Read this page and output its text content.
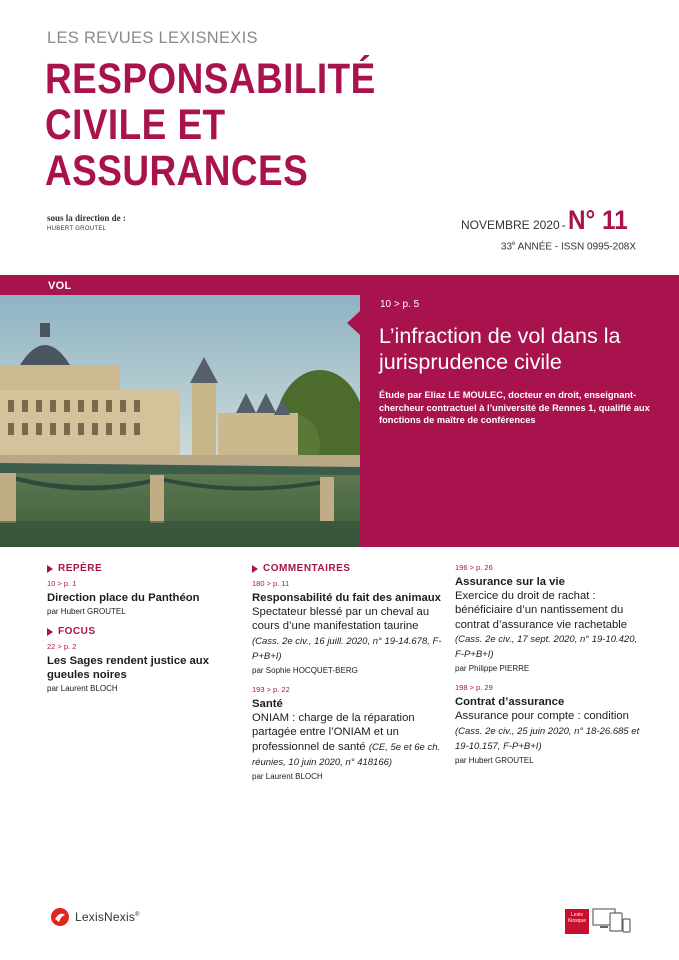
LES REVUES LEXISNEXIS
RESPONSABILITÉ
CIVILE ET
ASSURANCES
sous la direction de :
HUBERT GROUTEL	NOVEMBRE 2020 - N° 11
33e ANNÉE - ISSN 0995-208X
VOL
10 > p. 5
L’infraction de vol dans la jurisprudence civile
Étude par Eliaz LE MOULEC, docteur en droit, enseignant-chercheur contractuel à l’université de Rennes 1, qualifié aux fonctions de maître de conférences
REPÈRE
10 > p. 1
Direction place du Panthéon
par Hubert GROUTEL
FOCUS
22 > p. 2
Les Sages rendent justice aux gueules noires
par Laurent BLOCH
COMMENTAIRES
180 > p. 11
Responsabilité du fait des animaux
Spectateur blessé par un cheval au cours d’une manifestation taurine (Cass. 2e civ., 16 juill. 2020, n° 19-14.678, F-P+B+I)
par Sophie HOCQUET-BERG
193 > p. 22
Santé
ONIAM : charge de la réparation partagée entre l’ONIAM et un professionnel de santé (CE, 5e et 6e ch. réunies, 10 juin 2020, n° 418166)
par Laurent BLOCH
196 > p. 26
Assurance sur la vie
Exercice du droit de rachat : bénéficiaire d’un nantissement du contrat d’assurance vie rachetable (Cass. 2e civ., 17 sept. 2020, n° 19-10.420, F-P+B+I)
par Philippe PIERRE
198 > p. 29
Contrat d’assurance
Assurance pour compte : condition (Cass. 2e civ., 25 juin 2020, n° 18-26.685 et 19-10.157, F-P+B+I)
par Hubert GROUTEL
LexisNexis®	Lexis Kiosque
